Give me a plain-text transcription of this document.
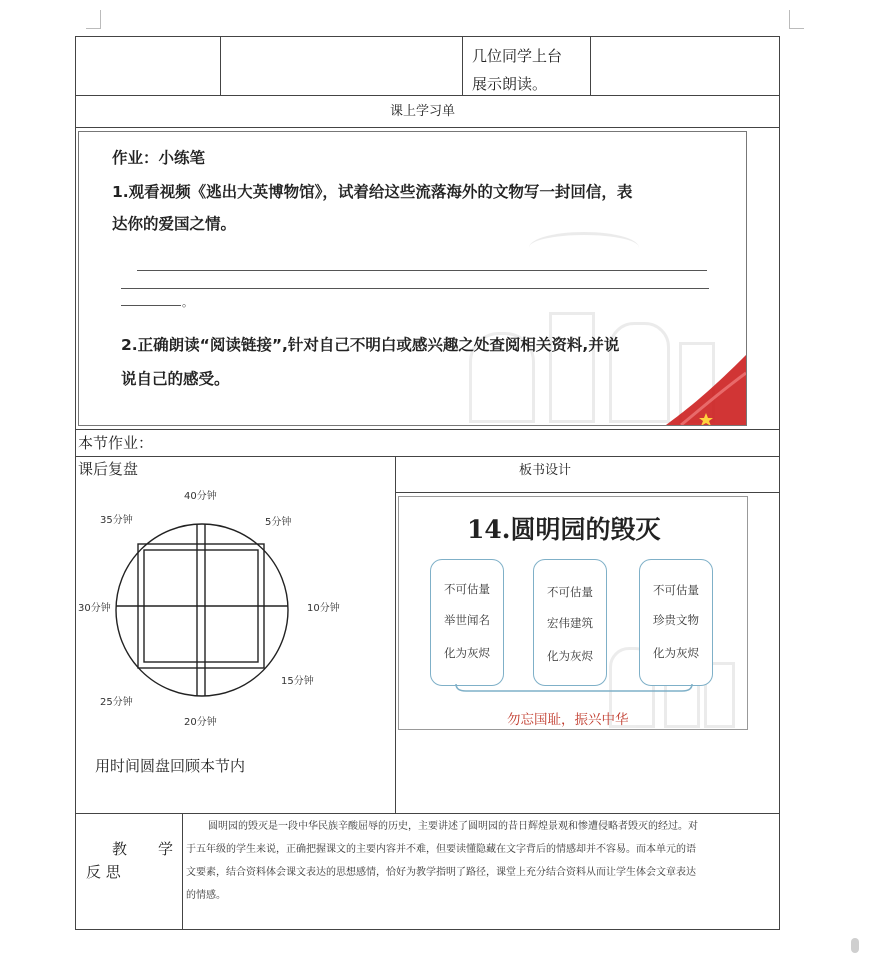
几位同学上台
展示朗读。
课上学习单
作业：小练笔
1.观看视频《逃出大英博物馆》，试着给这些流落海外的文物写一封回信，表
达你的爱国之情。
。
2.正确朗读“阅读链接”,针对自己不明白或感兴趣之处查阅相关资料,并说
说自己的感受。
本节作业：
课后复盘
40分钟
5分钟
35分钟
30分钟	10分钟
15分钟
25分钟
20分钟
用时间圆盘回顾本节内
板书设计
14.圆明园的毁灭
不可估量
举世闻名
化为灰烬
不可估量
宏伟建筑
化为灰烬
不可估量
珍贵文物
化为灰烬
勿忘国耻，振兴中华
教 学
反 思
圆明园的毁灭是一段中华民族辛酸屈辱的历史，主要讲述了圆明园的昔日辉煌景观和惨遭侵略者毁灭的经过。对
于五年级的学生来说，正确把握课文的主要内容并不难，但要读懂隐藏在文字背后的情感却并不容易。而本单元的语
文要素，结合资料体会课文表达的思想感情，恰好为教学指明了路径，课堂上充分结合资料从而让学生体会文章表达
的情感。
